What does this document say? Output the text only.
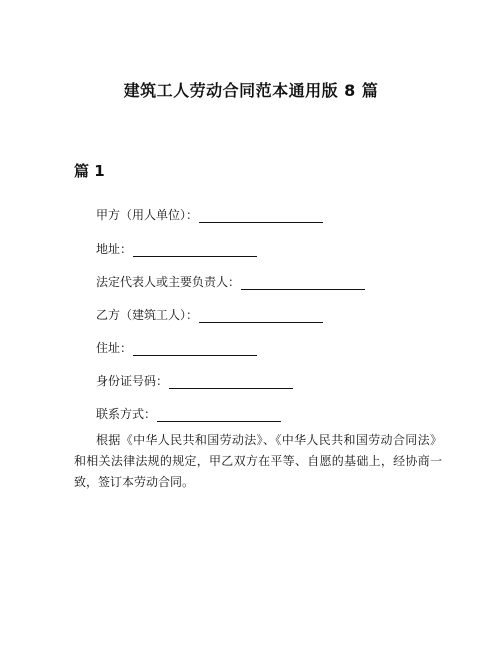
建筑工人劳动合同范本通用版 8 篇
篇 1
甲方（用人单位）：
地址：
法定代表人或主要负责人：
乙方（建筑工人）：
住址：
身份证号码：
联系方式：

根据《中华人民共和国劳动法》、《中华人民共和国劳动合同法》和相关法律法规的规定，甲乙双方在平等、自愿的基础上，经协商一致，签订本劳动合同。
